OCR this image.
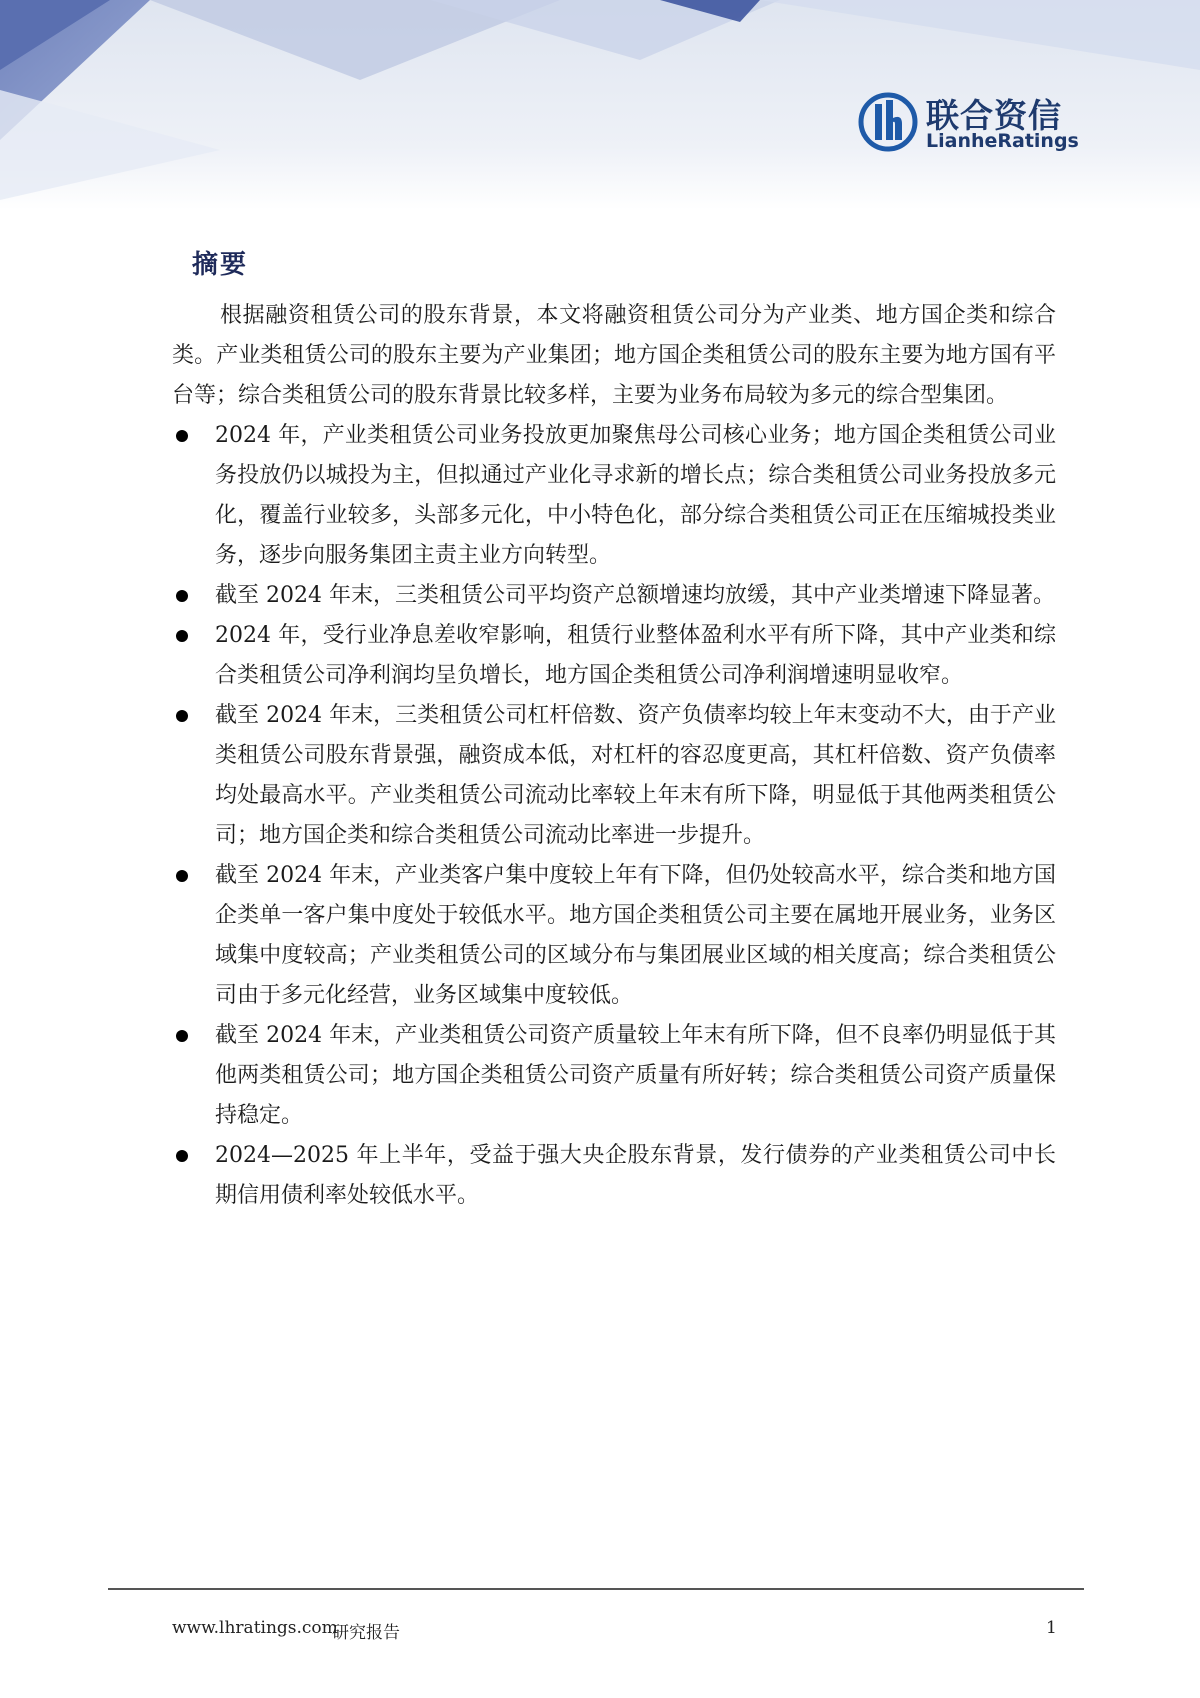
联合资信
LianheRatings
摘要

根据融资租赁公司的股东背景，本文将融资租赁公司分为产业类、地方国企类和综合类。产业类租赁公司的股东主要为产业集团；地方国企类租赁公司的股东主要为地方国有平台等；综合类租赁公司的股东背景比较多样，主要为业务布局较为多元的综合型集团。

2024 年，产业类租赁公司业务投放更加聚焦母公司核心业务；地方国企类租赁公司业务投放仍以城投为主，但拟通过产业化寻求新的增长点；综合类租赁公司业务投放多元化，覆盖行业较多，头部多元化，中小特色化，部分综合类租赁公司正在压缩城投类业务，逐步向服务集团主责主业方向转型。
截至 2024 年末，三类租赁公司平均资产总额增速均放缓，其中产业类增速下降显著。
2024 年，受行业净息差收窄影响，租赁行业整体盈利水平有所下降，其中产业类和综合类租赁公司净利润均呈负增长，地方国企类租赁公司净利润增速明显收窄。
截至 2024 年末，三类租赁公司杠杆倍数、资产负债率均较上年末变动不大，由于产业类租赁公司股东背景强，融资成本低，对杠杆的容忍度更高，其杠杆倍数、资产负债率均处最高水平。产业类租赁公司流动比率较上年末有所下降，明显低于其他两类租赁公司；地方国企类和综合类租赁公司流动比率进一步提升。
截至 2024 年末，产业类客户集中度较上年有下降，但仍处较高水平，综合类和地方国企类单一客户集中度处于较低水平。地方国企类租赁公司主要在属地开展业务，业务区域集中度较高；产业类租赁公司的区域分布与集团展业区域的相关度高；综合类租赁公司由于多元化经营，业务区域集中度较低。
截至 2024 年末，产业类租赁公司资产质量较上年末有所下降，但不良率仍明显低于其他两类租赁公司；地方国企类租赁公司资产质量有所好转；综合类租赁公司资产质量保持稳定。
2024—2025 年上半年，受益于强大央企股东背景，发行债券的产业类租赁公司中长期信用债利率处较低水平。
www.lhratings.com
研究报告	1
